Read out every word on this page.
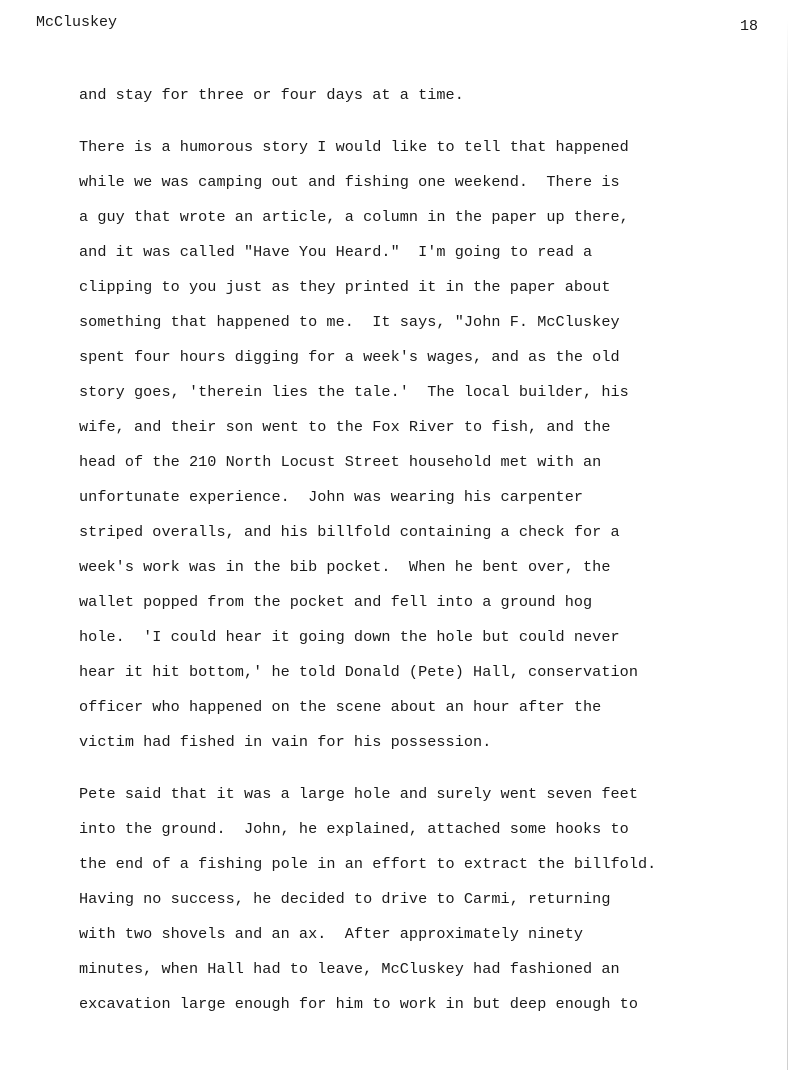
McCluskey	18
and stay for three or four days at a time.
There is a humorous story I would like to tell that happened
while we was camping out and fishing one weekend.  There is
a guy that wrote an article, a column in the paper up there,
and it was called "Have You Heard."  I'm going to read a
clipping to you just as they printed it in the paper about
something that happened to me.  It says, "John F. McCluskey
spent four hours digging for a week's wages, and as the old
story goes, 'therein lies the tale.'  The local builder, his
wife, and their son went to the Fox River to fish, and the
head of the 210 North Locust Street household met with an
unfortunate experience.  John was wearing his carpenter
striped overalls, and his billfold containing a check for a
week's work was in the bib pocket.  When he bent over, the
wallet popped from the pocket and fell into a ground hog
hole.  'I could hear it going down the hole but could never
hear it hit bottom,' he told Donald (Pete) Hall, conservation
officer who happened on the scene about an hour after the
victim had fished in vain for his possession.
Pete said that it was a large hole and surely went seven feet
into the ground.  John, he explained, attached some hooks to
the end of a fishing pole in an effort to extract the billfold.
Having no success, he decided to drive to Carmi, returning
with two shovels and an ax.  After approximately ninety
minutes, when Hall had to leave, McCluskey had fashioned an
excavation large enough for him to work in but deep enough to
